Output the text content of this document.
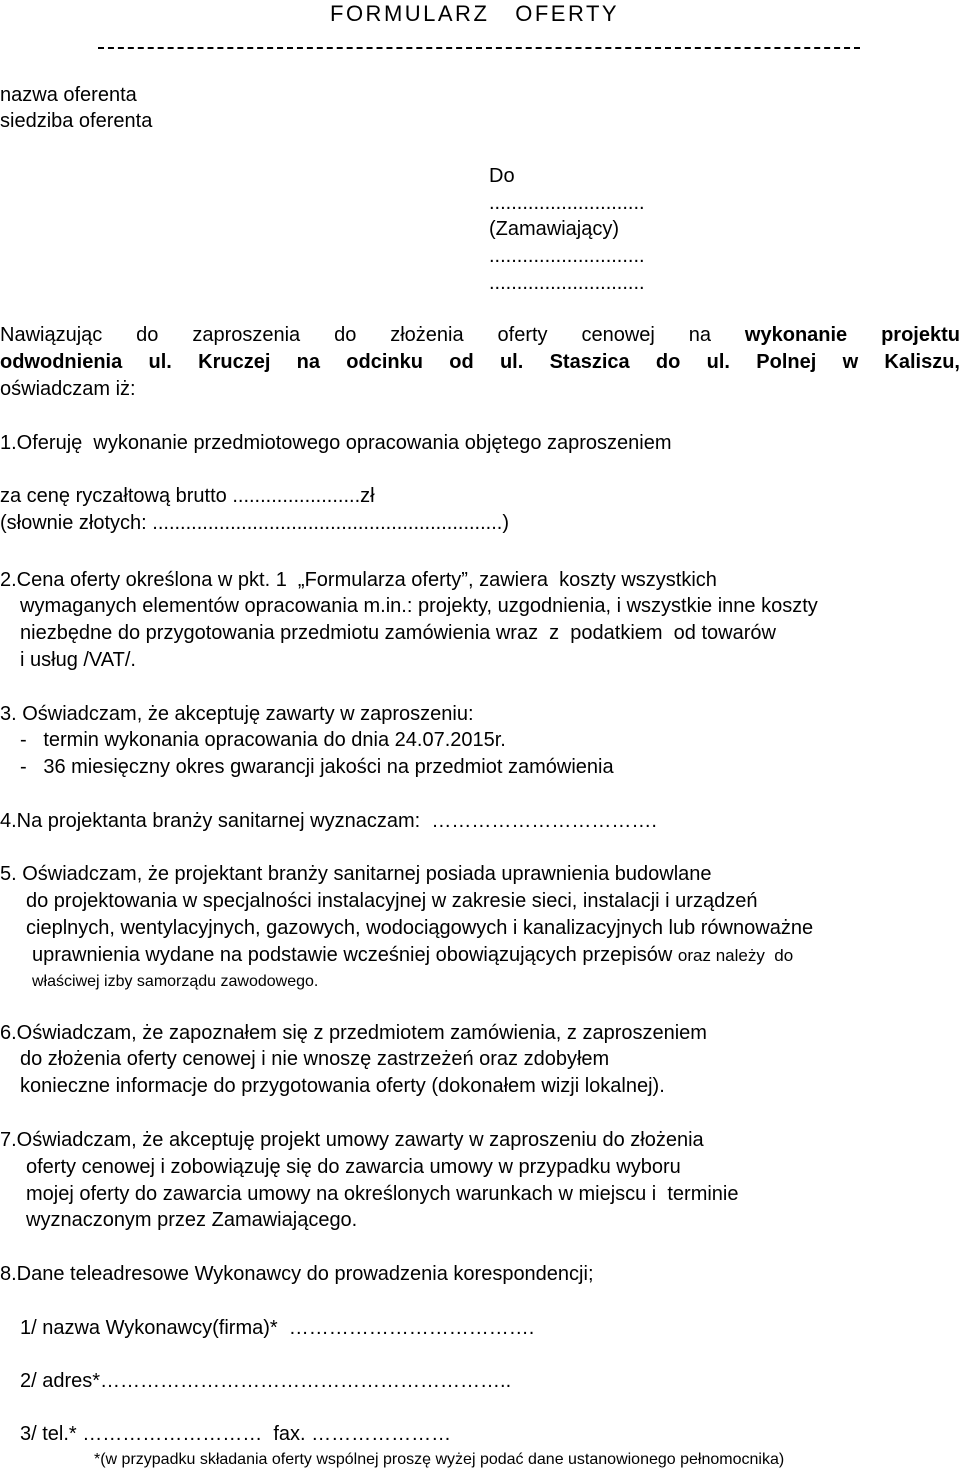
FORMULARZ   OFERTY
nazwa oferenta
siedziba oferenta
Do
............................
(Zamawiający)
............................
............................
Nawiązując do zaproszenia do złożenia oferty cenowej na wykonanie projektu
odwodnienia ul. Kruczej na odcinku od ul. Staszica do ul. Polnej w Kaliszu,
oświadczam iż:
1.Oferuję  wykonanie przedmiotowego opracowania objętego zaproszeniem
za cenę ryczałtową brutto .......................zł
(słownie złotych: ...............................................................)
2.Cena oferty określona w pkt. 1  „Formularza oferty”, zawiera  koszty wszystkich
wymaganych elementów opracowania m.in.: projekty, uzgodnienia, i wszystkie inne koszty
niezbędne do przygotowania przedmiotu zamówienia wraz  z  podatkiem  od towarów
i usług /VAT/.
3. Oświadczam, że akceptuję zawarty w zaproszeniu:
-   termin wykonania opracowania do dnia 24.07.2015r.
-   36 miesięczny okres gwarancji jakości na przedmiot zamówienia
4.Na projektanta branży sanitarnej wyznaczam:  …………………………….
5. Oświadczam, że projektant branży sanitarnej posiada uprawnienia budowlane
do projektowania w specjalności instalacyjnej w zakresie sieci, instalacji i urządzeń
cieplnych, wentylacyjnych, gazowych, wodociągowych i kanalizacyjnych lub równoważne
uprawnienia wydane na podstawie wcześniej obowiązujących przepisów oraz należy  do
właściwej izby samorządu zawodowego.
6.Oświadczam, że zapoznałem się z przedmiotem zamówienia, z zaproszeniem
do złożenia oferty cenowej i nie wnoszę zastrzeżeń oraz zdobyłem
konieczne informacje do przygotowania oferty (dokonałem wizji lokalnej).
7.Oświadczam, że akceptuję projekt umowy zawarty w zaproszeniu do złożenia
oferty cenowej i zobowiązuję się do zawarcia umowy w przypadku wyboru
mojej oferty do zawarcia umowy na określonych warunkach w miejscu i  terminie
wyznaczonym przez Zamawiającego.
8.Dane teleadresowe Wykonawcy do prowadzenia korespondencji;
1/ nazwa Wykonawcy(firma)*  ……………………………….
2/ adres*……………………………………………………..
3/ tel.* ………………………  fax. …………………
*(w przypadku składania oferty wspólnej proszę wyżej podać dane ustanowionego pełnomocnika)
